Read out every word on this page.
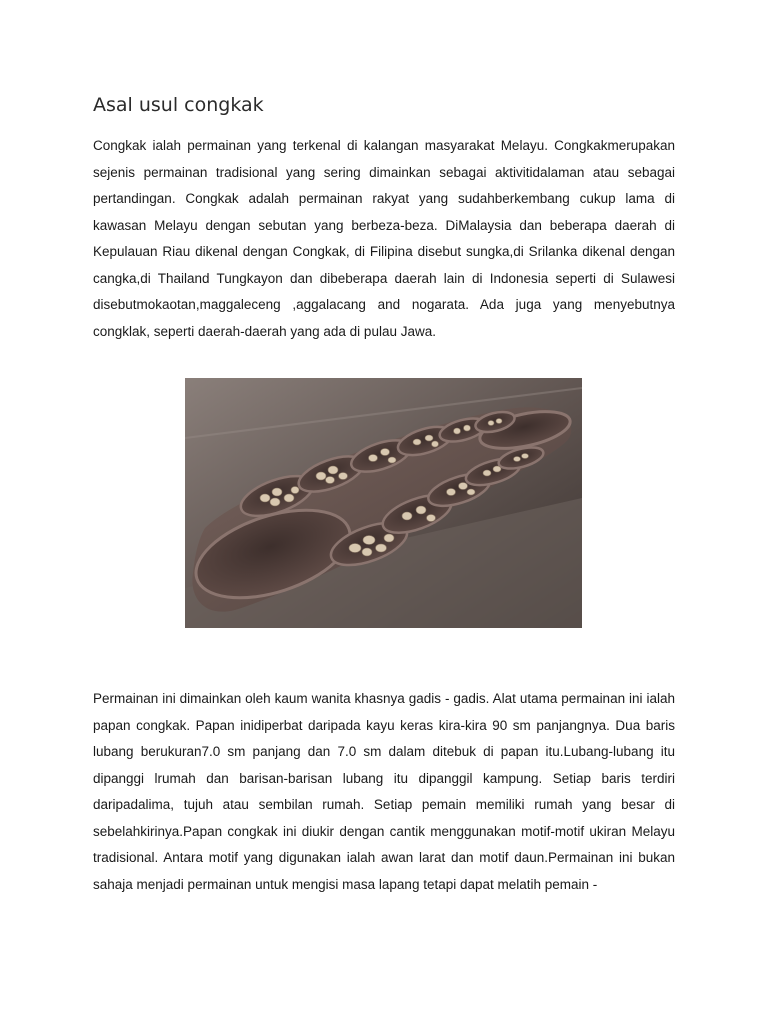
Asal usul congkak

Congkak ialah permainan yang terkenal di kalangan masyarakat Melayu. Congkakmerupakan sejenis permainan tradisional yang sering dimainkan sebagai aktivitidalaman atau sebagai pertandingan. Congkak adalah permainan rakyat yang sudahberkembang cukup lama di kawasan Melayu dengan sebutan yang berbeza-beza. DiMalaysia dan beberapa daerah di Kepulauan Riau dikenal dengan Congkak, di Filipina disebut sungka,di Srilanka dikenal dengan cangka,di Thailand Tungkayon dan dibeberapa daerah lain di Indonesia seperti di Sulawesi disebutmokaotan,maggaleceng ,aggalacang and nogarata. Ada juga yang menyebutnya congklak, seperti daerah-daerah yang ada di pulau Jawa.

Permainan ini dimainkan oleh kaum wanita khasnya gadis - gadis. Alat utama permainan ini ialah papan congkak. Papan inidiperbat daripada kayu keras kira-kira 90 sm panjangnya. Dua baris lubang berukuran7.0 sm panjang dan 7.0 sm dalam ditebuk di papan itu.Lubang-lubang itu dipanggi lrumah dan barisan-barisan lubang itu dipanggil kampung. Setiap baris terdiri daripadalima, tujuh atau sembilan rumah. Setiap pemain memiliki rumah yang besar di sebelahkirinya.Papan congkak ini diukir dengan cantik menggunakan motif-motif ukiran Melayu tradisional. Antara motif yang digunakan ialah awan larat dan motif daun.Permainan ini bukan sahaja menjadi permainan untuk mengisi masa lapang tetapi dapat melatih pemain -
